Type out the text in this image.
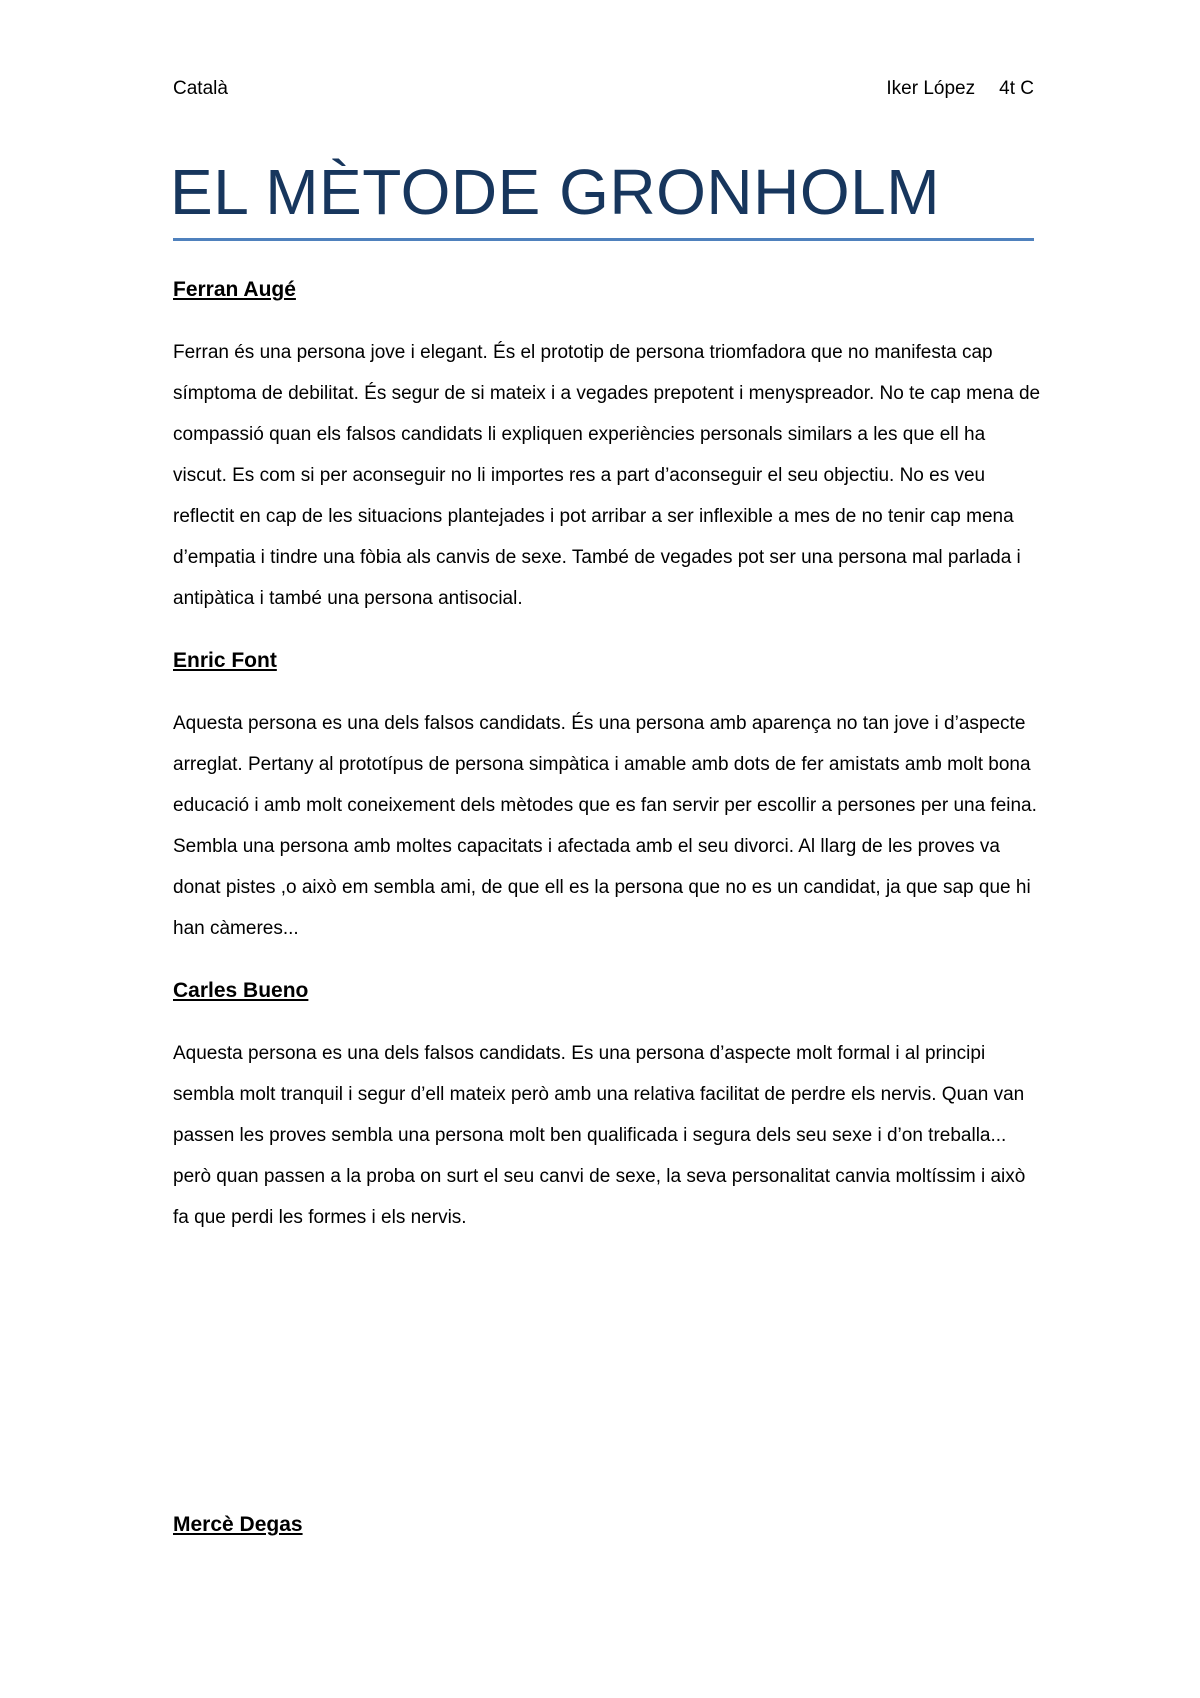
Català	Iker López 4t C
EL MÈTODE GRONHOLM

Ferran Augé

Ferran és una persona jove i elegant. És el prototip de persona triomfadora que no manifesta cap símptoma de debilitat. És segur de si mateix i a vegades prepotent i menyspreador. No te cap mena de compassió quan els falsos candidats li expliquen experiències personals similars a les que ell ha viscut. Es com si per aconseguir no li importes res a part d’aconseguir el seu objectiu. No es veu reflectit en cap de les situacions plantejades i pot arribar a ser inflexible a mes de no tenir cap mena d’empatia i tindre una fòbia als canvis de sexe. També de vegades pot ser una persona mal parlada i antipàtica i també una persona antisocial.

Enric Font

Aquesta persona es una dels falsos candidats. És una persona amb aparença no tan jove i d’aspecte arreglat. Pertany al prototípus de persona simpàtica i amable amb dots de fer amistats amb molt bona educació i amb molt coneixement dels mètodes que es fan servir per escollir a persones per una feina. Sembla una persona amb moltes capacitats i afectada amb el seu divorci. Al llarg de les proves va donat pistes ,o això em sembla ami, de que ell es la persona que no es un candidat, ja que sap que hi han càmeres...

Carles Bueno

Aquesta persona es una dels falsos candidats. Es una persona d’aspecte molt formal i al principi sembla molt tranquil i segur d’ell mateix però amb una relativa facilitat de perdre els nervis. Quan van passen les proves sembla una persona molt ben qualificada i segura dels seu sexe i d’on treballa... però quan passen a la proba on surt el seu canvi de sexe, la seva personalitat canvia moltíssim i això fa que perdi les formes i els nervis.

Mercè Degas
